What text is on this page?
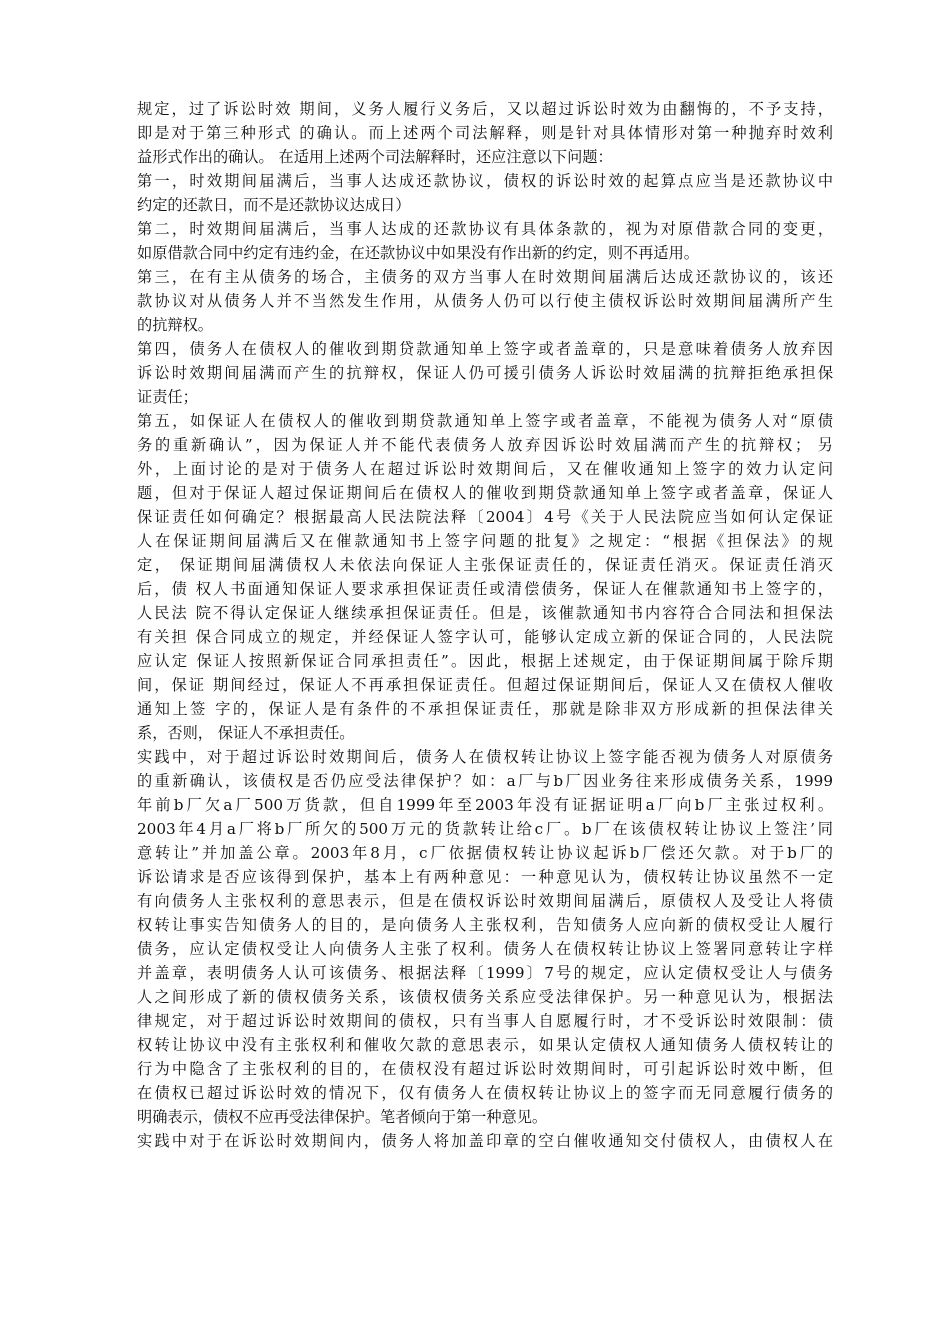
规定，过了诉讼时效 期间，义务人履行义务后，又以超过诉讼时效为由翻悔的，不予支持，
即是对于第三种形式 的确认。而上述两个司法解释，则是针对具体情形对第一种抛弃时效利
益形式作出的确认。 在适用上述两个司法解释时，还应注意以下问题：
第一，时效期间届满后，当事人达成还款协议，债权的诉讼时效的起算点应当是还款协议中
约定的还款日，而不是还款协议达成日）
第二，时效期间届满后，当事人达成的还款协议有具体条款的，视为对原借款合同的变更，
如原借款合同中约定有违约金，在还款协议中如果没有作出新的约定，则不再适用。
第三，在有主从债务的场合，主债务的双方当事人在时效期间届满后达成还款协议的，该还
款协议对从债务人并不当然发生作用，从债务人仍可以行使主债权诉讼时效期间届满所产生
的抗辩权。
第四，债务人在债权人的催收到期贷款通知单上签字或者盖章的，只是意味着债务人放弃因
诉讼时效期间届满而产生的抗辩权，保证人仍可援引债务人诉讼时效届满的抗辩拒绝承担保
证责任；
第五，如保证人在债权人的催收到期贷款通知单上签字或者盖章，不能视为债务人对“原债
务的重新确认”，因为保证人并不能代表债务人放弃因诉讼时效届满而产生的抗辩权； 另
外，上面讨论的是对于债务人在超过诉讼时效期间后，又在催收通知上签字的效力认定问
题，但对于保证人超过保证期间后在债权人的催收到期贷款通知单上签字或者盖章，保证人
保证责任如何确定？根据最高人民法院法释〔2004〕4号《关于人民法院应当如何认定保证
人在保证期间届满后又在催款通知书上签字问题的批复》之规定：“根据《担保法》的规
定， 保证期间届满债权人未依法向保证人主张保证责任的，保证责任消灭。保证责任消灭
后，债 权人书面通知保证人要求承担保证责任或清偿债务，保证人在催款通知书上签字的，
人民法 院不得认定保证人继续承担保证责任。但是，该催款通知书内容符合合同法和担保法
有关担 保合同成立的规定，并经保证人签字认可，能够认定成立新的保证合同的，人民法院
应认定 保证人按照新保证合同承担责任”。因此，根据上述规定，由于保证期间属于除斥期
间，保证 期间经过，保证人不再承担保证责任。但超过保证期间后，保证人又在债权人催收
通知上签 字的，保证人是有条件的不承担保证责任，那就是除非双方形成新的担保法律关
系，否则， 保证人不承担责任。
实践中，对于超过诉讼时效期间后，债务人在债权转让协议上签字能否视为债务人对原债务
的重新确认，该债权是否仍应受法律保护？如：a厂与b厂因业务往来形成债务关系，1999
年前b厂欠a厂500万货款，但自1999年至2003年没有证据证明a厂向b厂主张过权利。
2003年4月a厂将b厂所欠的500万元的货款转让给c厂。b厂在该债权转让协议上签注’同
意转让”并加盖公章。2003年8月，c厂依据债权转让协议起诉b厂偿还欠款。对于b厂的
诉讼请求是否应该得到保护，基本上有两种意见：一种意见认为，债权转让协议虽然不一定
有向债务人主张权利的意思表示，但是在债权诉讼时效期间届满后，原债权人及受让人将债
权转让事实告知债务人的目的，是向债务人主张权利，告知债务人应向新的债权受让人履行
债务，应认定债权受让人向债务人主张了权利。债务人在债权转让协议上签署同意转让字样
并盖章，表明债务人认可该债务、根据法释〔1999〕7号的规定，应认定债权受让人与债务
人之间形成了新的债权债务关系，该债权债务关系应受法律保护。另一种意见认为，根据法
律规定，对于超过诉讼时效期间的债权，只有当事人自愿履行时，才不受诉讼时效限制：债
权转让协议中没有主张权利和催收欠款的意思表示，如果认定债权人通知债务人债权转让的
行为中隐含了主张权利的目的，在债权没有超过诉讼时效期间时，可引起诉讼时效中断，但
在债权已超过诉讼时效的情况下，仅有债务人在债权转让协议上的签字而无同意履行债务的
明确表示，债权不应再受法律保护。笔者倾向于第一种意见。
实践中对于在诉讼时效期间内，债务人将加盖印章的空白催收通知交付债权人，由债权人在
